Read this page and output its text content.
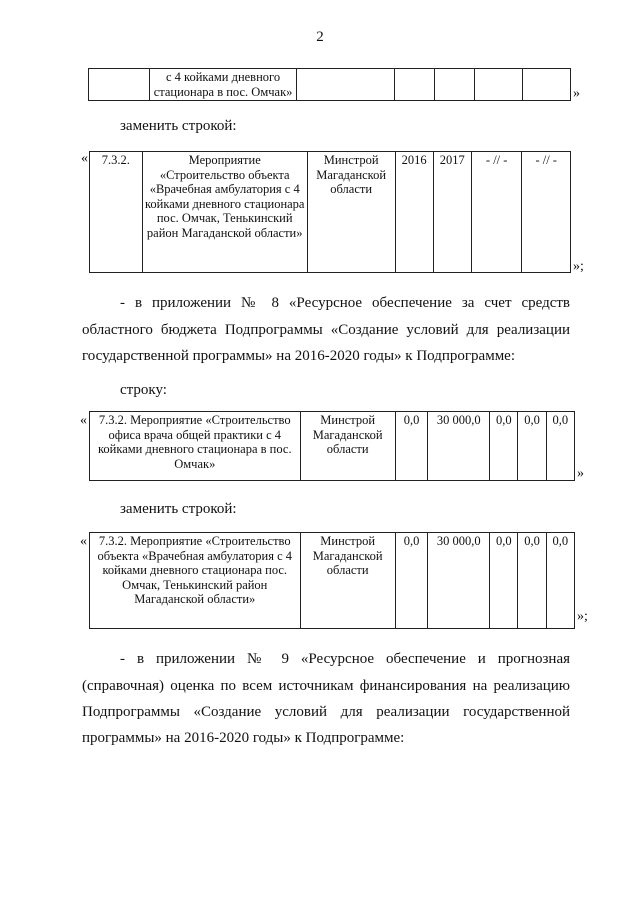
2
	с 4 койками дневного стационара в пос. Омчак»						»
заменить строкой:
« 7.3.2.	Мероприятие «Строительство объекта «Врачебная амбулатория с 4 койками дневного стационара пос. Омчак, Тенькинский район Магаданской области»	Минстрой Магаданской области	2016	2017	- // -	- // -
»;
- в приложении № 8 «Ресурсное обеспечение за счет средств
областного бюджета Подпрограммы «Создание условий для реализации
государственной программы» на 2016-2020 годы» к Подпрограмме:
строку:
« 7.3.2. Мероприятие «Строительство офиса врача общей практики с 4 койками дневного стационара в пос. Омчак»	Минстрой Магаданской области	0,0	30 000,0	0,0	0,0	0,0
»
заменить строкой:
« 7.3.2. Мероприятие «Строительство объекта «Врачебная амбулатория с 4 койками дневного стационара пос. Омчак, Тенькинский район Магаданской области»	Минстрой Магаданской области	0,0	30 000,0	0,0	0,0	0,0
»;
- в приложении № 9 «Ресурсное обеспечение и прогнозная
(справочная) оценка по всем источникам финансирования на реализацию
Подпрограммы «Создание условий для реализации государственной
программы» на 2016-2020 годы» к Подпрограмме:
